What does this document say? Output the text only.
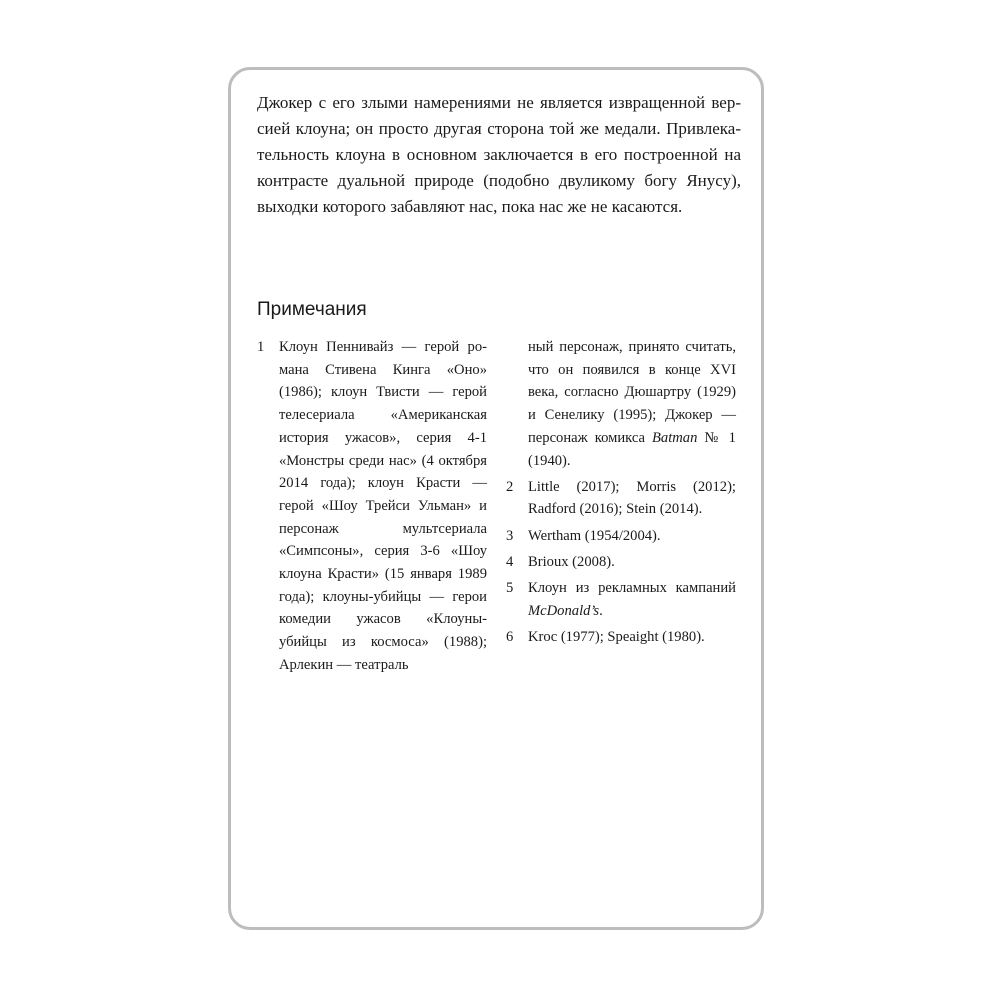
Джокер с его злыми намерениями не является извращенной версией клоуна; он просто другая сторона той же медали. Привлекательность клоуна в основном заключается в его построенной на контрасте дуальной природе (подобно двуликому богу Янусу), выходки которого забавляют нас, пока нас же не касаются.

Примечания
1 Клоун Пеннивайз — герой романа Стивена Кинга «Оно» (1986); клоун Твисти — герой телесериала «Американская история ужасов», серия 4-1 «Монстры среди нас» (4 октября 2014 года); клоун Красти — герой «Шоу Трейси Ульман» и персонаж мультсериала «Симпсоны», серия 3-6 «Шоу клоуна Красти» (15 января 1989 года); клоуны-убийцы — герои комедии ужасов «Клоуны-убийцы из космоса» (1988); Арлекин — театраль
ный персонаж, принято считать, что он появился в конце XVI века, согласно Дюшартру (1929) и Сенелику (1995); Джокер — персонаж комикса Batman № 1 (1940).
2 Little (2017); Morris (2012); Radford (2016); Stein (2014).
3 Wertham (1954/2004).
4 Brioux (2008).
5 Клоун из рекламных кампаний McDonald’s.
6 Kroc (1977); Speaight (1980).
